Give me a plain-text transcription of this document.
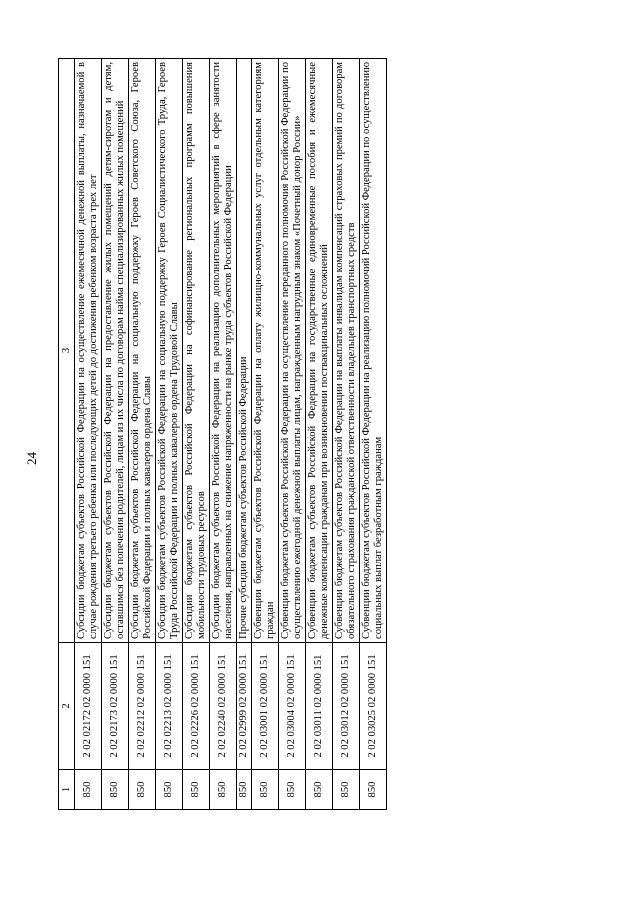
24
1	2	3
850	2 02 02172 02 0000 151	Субсидии бюджетам субъектов Российской Федерации на осуществление ежемесячной денежной выплаты, назначаемой в случае рождения третьего ребенка или последующих детей до достижения ребенком возраста трех лет
850	2 02 02173 02 0000 151	Субсидии бюджетам субъектов Российской Федерации на предоставление жилых помещений детям-сиротам и детям, оставшимся без попечения родителей, лицам из их числа по договорам найма специализированных жилых помещений
850	2 02 02212 02 0000 151	Субсидии бюджетам субъектов Российской Федерации на социальную поддержку Героев Советского Союза, Героев Российской Федерации и полных кавалеров ордена Славы
850	2 02 02213 02 0000 151	Субсидии бюджетам субъектов Российской Федерации на социальную поддержку Героев Социалистического Труда, Героев Труда Российской Федерации и полных кавалеров ордена Трудовой Славы
850	2 02 02226 02 0000 151	Субсидии бюджетам субъектов Российской Федерации на софинансирование региональных программ повышения мобильности трудовых ресурсов
850	2 02 02240 02 0000 151	Субсидии бюджетам субъектов Российской Федерации на реализацию дополнительных мероприятий в сфере занятости населения, направленных на снижение напряженности на рынке труда субъектов Российской Федерации
850	2 02 02999 02 0000 151	Прочие субсидии бюджетам субъектов Российской Федерации
850	2 02 03001 02 0000 151	Субвенции бюджетам субъектов Российской Федерации на оплату жилищно-коммунальных услуг отдельным категориям граждан
850	2 02 03004 02 0000 151	Субвенции бюджетам субъектов Российской Федерации на осуществление переданного полномочия Российской Федерации по осуществлению ежегодной денежной выплаты лицам, награжденным нагрудным знаком «Почетный донор России»
850	2 02 03011 02 0000 151	Субвенции бюджетам субъектов Российской Федерации на государственные единовременные пособия и ежемесячные денежные компенсации гражданам при возникновении поствакцинальных осложнений
850	2 02 03012 02 0000 151	Субвенции бюджетам субъектов Российской Федерации на выплаты инвалидам компенсаций страховых премий по договорам обязательного страхования гражданской ответственности владельцев транспортных средств
850	2 02 03025 02 0000 151	Субвенции бюджетам субъектов Российской Федерации на реализацию полномочий Российской Федерации по осуществлению социальных выплат безработным гражданам
